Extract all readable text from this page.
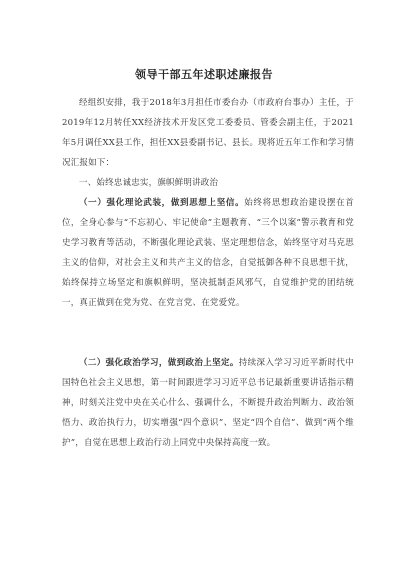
领导干部五年述职述廉报告
经组织安排，我于2018年3月担任市委台办（市政府台事办）主任，于2019年12月转任XX经济技术开发区党工委委员、管委会副主任，于2021年5月调任XX县工作，担任XX县委副书记、县长。现将近五年工作和学习情况汇报如下：
一、始终忠诚忠实，旗帜鲜明讲政治
（一）强化理论武装，做到思想上坚信。始终将思想政治建设摆在首位，全身心参与“不忘初心、牢记使命”主题教育、“三个以案”警示教育和党史学习教育等活动，不断强化理论武装、坚定理想信念，始终坚守对马克思主义的信仰，对社会主义和共产主义的信念，自觉抵御各种不良思想干扰，始终保持立场坚定和旗帜鲜明，坚决抵制歪风邪气，自觉维护党的团结统一，真正做到在党为党、在党言党、在党爱党。
（二）强化政治学习，做到政治上坚定。持续深入学习习近平新时代中国特色社会主义思想，第一时间跟进学习习近平总书记最新重要讲话指示精神，时刻关注党中央在关心什么、强调什么，不断提升政治判断力、政治领悟力、政治执行力，切实增强“四个意识”、坚定“四个自信”、做到“两个维护”，自觉在思想上政治行动上同党中央保持高度一致。
